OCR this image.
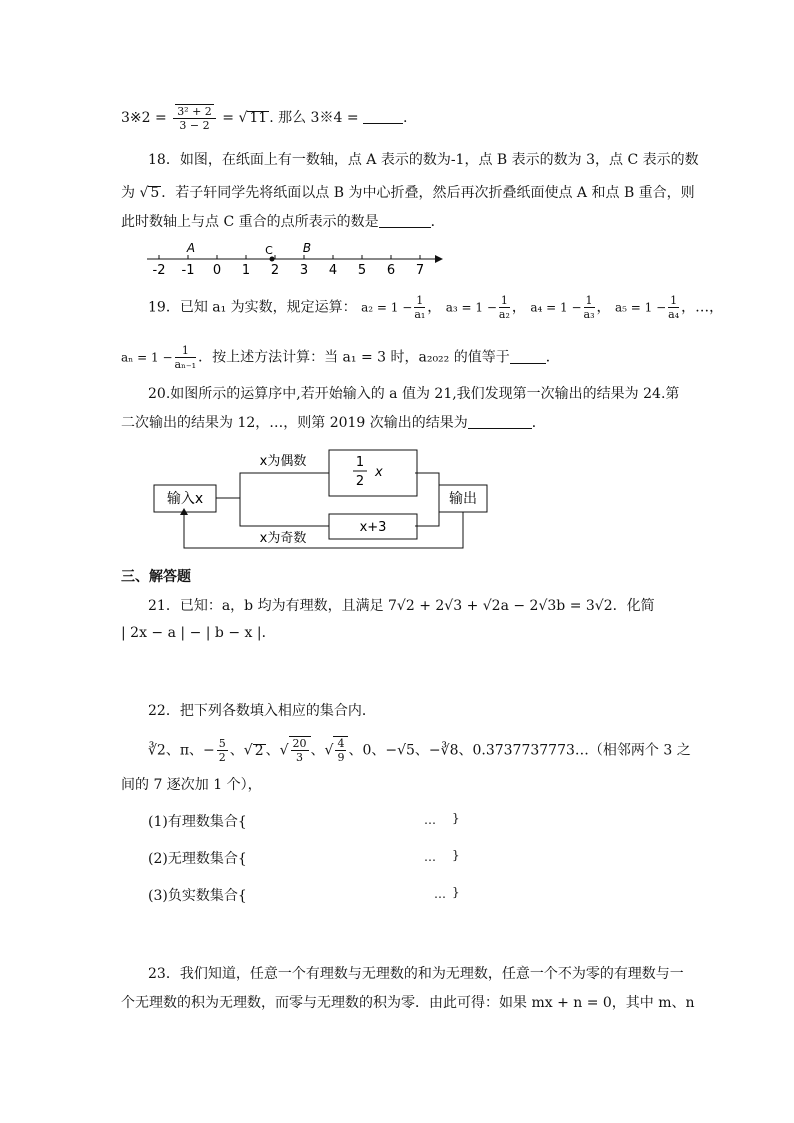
3※2 = $\frac{\text{3² + 2}}{3 - 2}$ = √ 11 . 那么 3※4 =	.
18．如图，在纸面上有一数轴，点 A 表示的数为-1，点 B 表示的数为 3，点 C 表示的数
为 √ 5 ．若子轩同学先将纸面以点 B 为中心折叠，然后再次折叠纸面使点 A 和点 B 重合，则
此时数轴上与点 C 重合的点所表示的数是	．
-2 -1 0 1 2 3 4 5 6 7
A	C	B
19．已知 a₁ 为实数，规定运算： $a_2 = 1 - \frac{1}{\text{a₁}}$ ， $a_3 = 1 - \frac{1}{\text{a₂}}$ ， $a_4 = 1 - \frac{1}{\text{a₃}}$ ， $a_5 = 1 - \frac{1}{\text{a₄}}$ ，…，
$a_n = 1 - \frac{1}{\text{aₙ₋₁}}$ ．按上述方法计算：当 a₁ = 3 时，a₂₀₂₂ 的值等于	．
20.如图所示的运算序中,若开始输入的 a 值为 21,我们发现第一次输出的结果为 24.第
二次输出的结果为 12，…，则第 2019 次输出的结果为	．
输入x	输出
x为偶数
x为奇数
1
2
x
x+3
三、解答题
21．已知：a，b 均为有理数，且满足 7√2 + 2√3 + √2a − 2√3b = 3√2．化简
| 2x − a | − | b − x |．
22．把下列各数填入相应的集合内．
∛2、π、− $\frac{5}{2}$ 、√ 2 、√ $\frac{20}{3}$ 、√ $\frac{4}{9}$ 、0、−√5、−∛8、0.3737737773…（相邻两个 3 之
间的 7 逐次加 1 个），
(1)有理数集合{	… }
(2)无理数集合{	… }
(3)负实数集合{	… }
23．我们知道，任意一个有理数与无理数的和为无理数，任意一个不为零的有理数与一
个无理数的积为无理数，而零与无理数的积为零．由此可得：如果 mx + n = 0，其中 m、n
